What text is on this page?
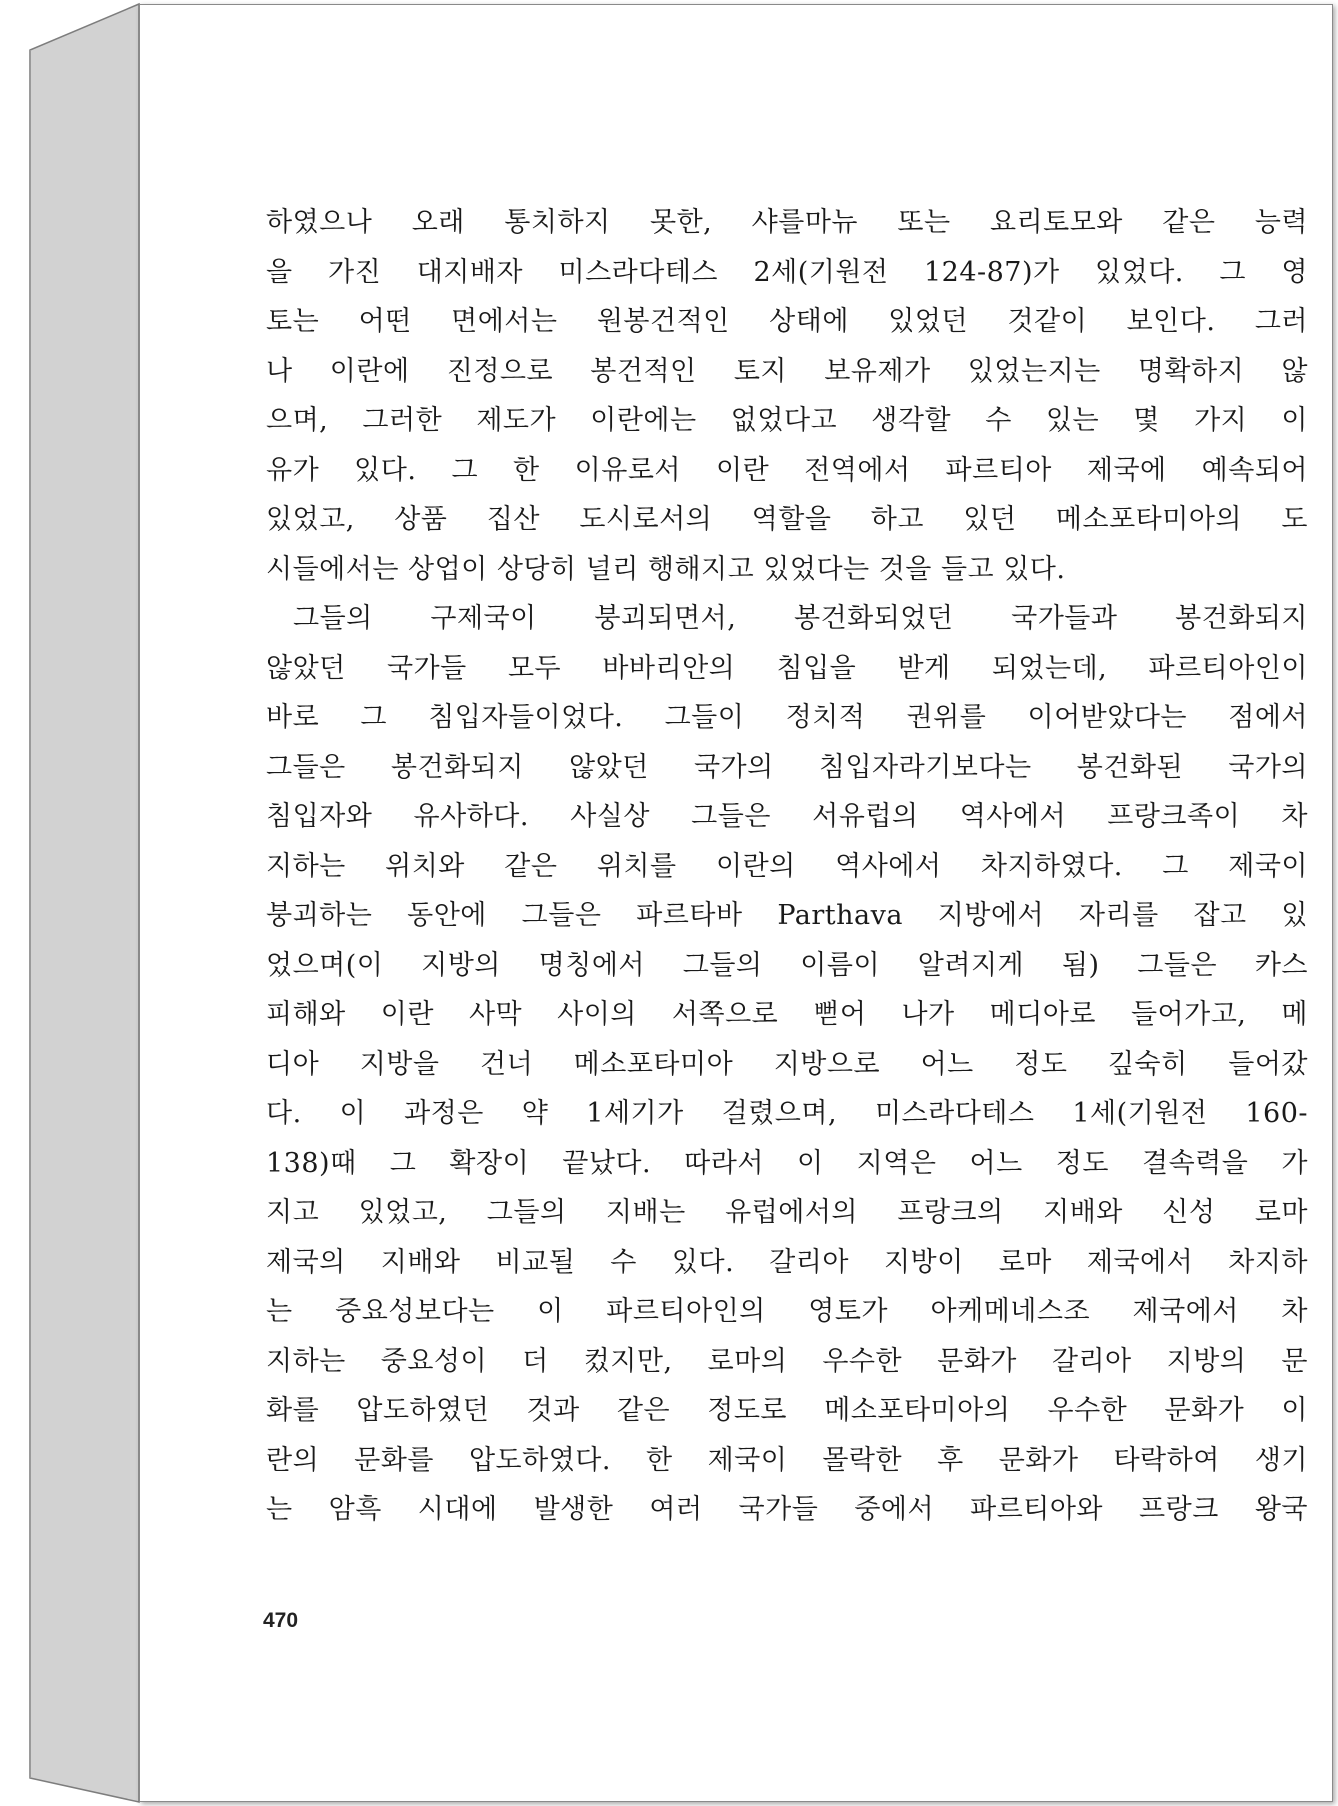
하였으나 오래 통치하지 못한, 샤를마뉴 또는 요리토모와 같은 능력
을 가진 대지배자 미스라다테스 2세(기원전 124-87)가 있었다. 그 영
토는 어떤 면에서는 원봉건적인 상태에 있었던 것같이 보인다. 그러
나 이란에 진정으로 봉건적인 토지 보유제가 있었는지는 명확하지 않
으며, 그러한 제도가 이란에는 없었다고 생각할 수 있는 몇 가지 이
유가 있다. 그 한 이유로서 이란 전역에서 파르티아 제국에 예속되어
있었고, 상품 집산 도시로서의 역할을 하고 있던 메소포타미아의 도
시들에서는 상업이 상당히 널리 행해지고 있었다는 것을 들고 있다.
그들의 구제국이 붕괴되면서, 봉건화되었던 국가들과 봉건화되지
않았던 국가들 모두 바바리안의 침입을 받게 되었는데, 파르티아인이
바로 그 침입자들이었다. 그들이 정치적 권위를 이어받았다는 점에서
그들은 봉건화되지 않았던 국가의 침입자라기보다는 봉건화된 국가의
침입자와 유사하다. 사실상 그들은 서유럽의 역사에서 프랑크족이 차
지하는 위치와 같은 위치를 이란의 역사에서 차지하였다. 그 제국이
붕괴하는 동안에 그들은 파르타바 Parthava 지방에서 자리를 잡고 있
었으며(이 지방의 명칭에서 그들의 이름이 알려지게 됨) 그들은 카스
피해와 이란 사막 사이의 서쪽으로 뻗어 나가 메디아로 들어가고, 메
디아 지방을 건너 메소포타미아 지방으로 어느 정도 깊숙히 들어갔
다. 이 과정은 약 1세기가 걸렸으며, 미스라다테스 1세(기원전 160-
138)때 그 확장이 끝났다. 따라서 이 지역은 어느 정도 결속력을 가
지고 있었고, 그들의 지배는 유럽에서의 프랑크의 지배와 신성 로마
제국의 지배와 비교될 수 있다. 갈리아 지방이 로마 제국에서 차지하
는 중요성보다는 이 파르티아인의 영토가 아케메네스조 제국에서 차
지하는 중요성이 더 컸지만, 로마의 우수한 문화가 갈리아 지방의 문
화를 압도하였던 것과 같은 정도로 메소포타미아의 우수한 문화가 이
란의 문화를 압도하였다. 한 제국이 몰락한 후 문화가 타락하여 생기
는 암흑 시대에 발생한 여러 국가들 중에서 파르티아와 프랑크 왕국
470
